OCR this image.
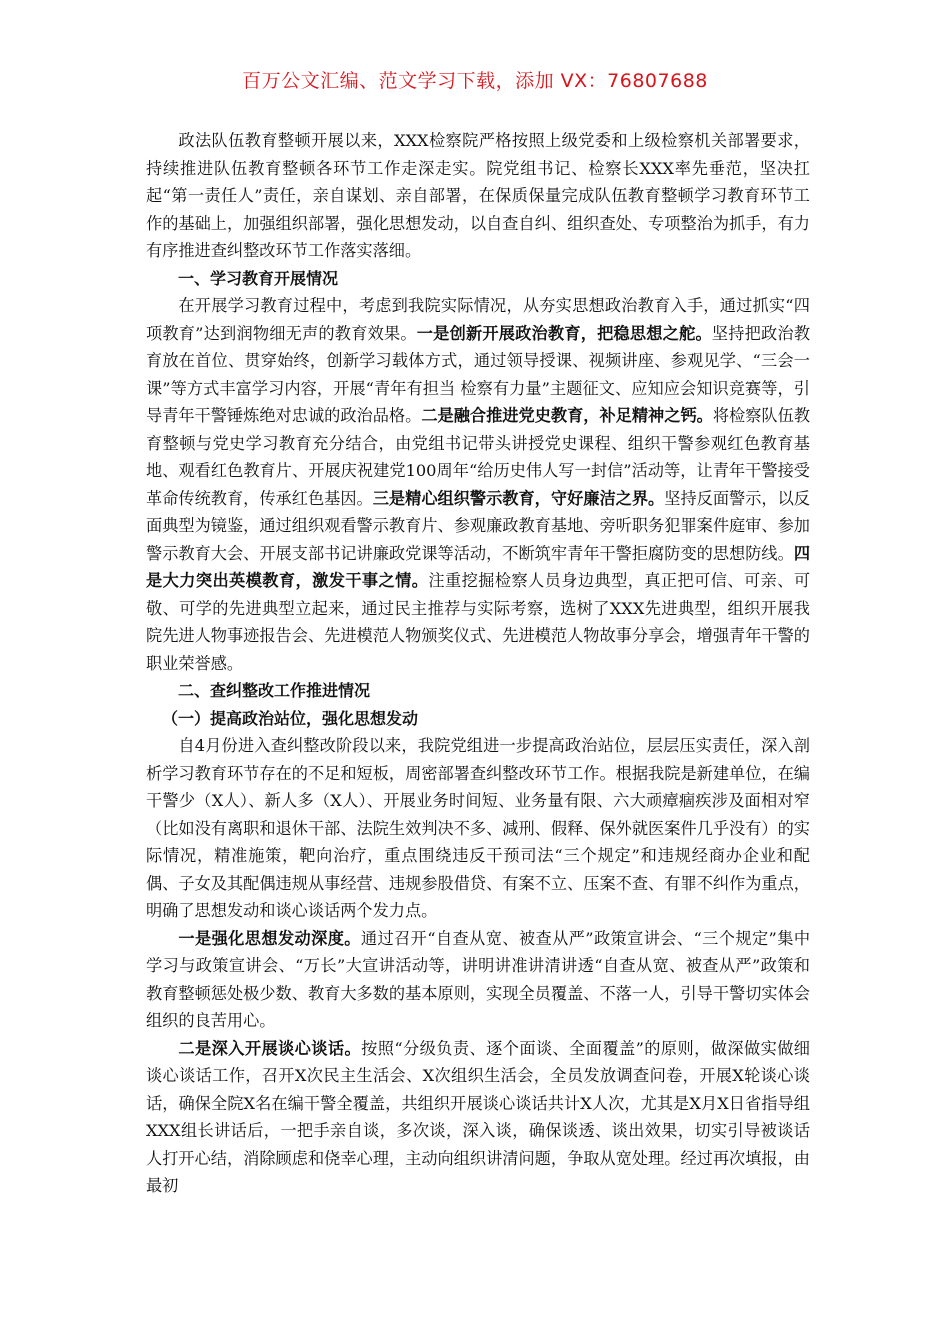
百万公文汇编、范文学习下载，添加 VX：76807688

政法队伍教育整顿开展以来，XXX检察院严格按照上级党委和上级检察机关部署要求，持续推进队伍教育整顿各环节工作走深走实。院党组书记、检察长XXX率先垂范，坚决扛起“第一责任人”责任，亲自谋划、亲自部署，在保质保量完成队伍教育整顿学习教育环节工作的基础上，加强组织部署，强化思想发动，以自查自纠、组织查处、专项整治为抓手，有力有序推进查纠整改环节工作落实落细。

一、学习教育开展情况

在开展学习教育过程中，考虑到我院实际情况，从夯实思想政治教育入手，通过抓实“四项教育”达到润物细无声的教育效果。一是创新开展政治教育，把稳思想之舵。坚持把政治教育放在首位、贯穿始终，创新学习载体方式，通过领导授课、视频讲座、参观见学、“三会一课”等方式丰富学习内容，开展“青年有担当 检察有力量”主题征文、应知应会知识竞赛等，引导青年干警锤炼绝对忠诚的政治品格。二是融合推进党史教育，补足精神之钙。将检察队伍教育整顿与党史学习教育充分结合，由党组书记带头讲授党史课程、组织干警参观红色教育基地、观看红色教育片、开展庆祝建党100周年“给历史伟人写一封信”活动等，让青年干警接受革命传统教育，传承红色基因。三是精心组织警示教育，守好廉洁之界。坚持反面警示，以反面典型为镜鉴，通过组织观看警示教育片、参观廉政教育基地、旁听职务犯罪案件庭审、参加警示教育大会、开展支部书记讲廉政党课等活动，不断筑牢青年干警拒腐防变的思想防线。四是大力突出英模教育，激发干事之情。注重挖掘检察人员身边典型，真正把可信、可亲、可敬、可学的先进典型立起来，通过民主推荐与实际考察，选树了XXX先进典型，组织开展我院先进人物事迹报告会、先进模范人物颁奖仪式、先进模范人物故事分享会，增强青年干警的职业荣誉感。

二、查纠整改工作推进情况

（一）提高政治站位，强化思想发动

自4月份进入查纠整改阶段以来，我院党组进一步提高政治站位，层层压实责任，深入剖析学习教育环节存在的不足和短板，周密部署查纠整改环节工作。根据我院是新建单位，在编干警少（X人）、新人多（X人）、开展业务时间短、业务量有限、六大顽瘴痼疾涉及面相对窄（比如没有离职和退休干部、法院生效判决不多、减刑、假释、保外就医案件几乎没有）的实际情况，精准施策，靶向治疗，重点围绕违反干预司法“三个规定”和违规经商办企业和配偶、子女及其配偶违规从事经营、违规参股借贷、有案不立、压案不查、有罪不纠作为重点，明确了思想发动和谈心谈话两个发力点。

一是强化思想发动深度。通过召开“自查从宽、被查从严”政策宣讲会、“三个规定”集中学习与政策宣讲会、“万长”大宣讲活动等，讲明讲准讲清讲透“自查从宽、被查从严”政策和教育整顿惩处极少数、教育大多数的基本原则，实现全员覆盖、不落一人，引导干警切实体会组织的良苦用心。

二是深入开展谈心谈话。按照“分级负责、逐个面谈、全面覆盖”的原则，做深做实做细谈心谈话工作，召开X次民主生活会、X次组织生活会，全员发放调查问卷，开展X轮谈心谈话，确保全院X名在编干警全覆盖，共组织开展谈心谈话共计X人次，尤其是X月X日省指导组XXX组长讲话后，一把手亲自谈，多次谈，深入谈，确保谈透、谈出效果，切实引导被谈话人打开心结，消除顾虑和侥幸心理，主动向组织讲清问题，争取从宽处理。经过再次填报，由最初
